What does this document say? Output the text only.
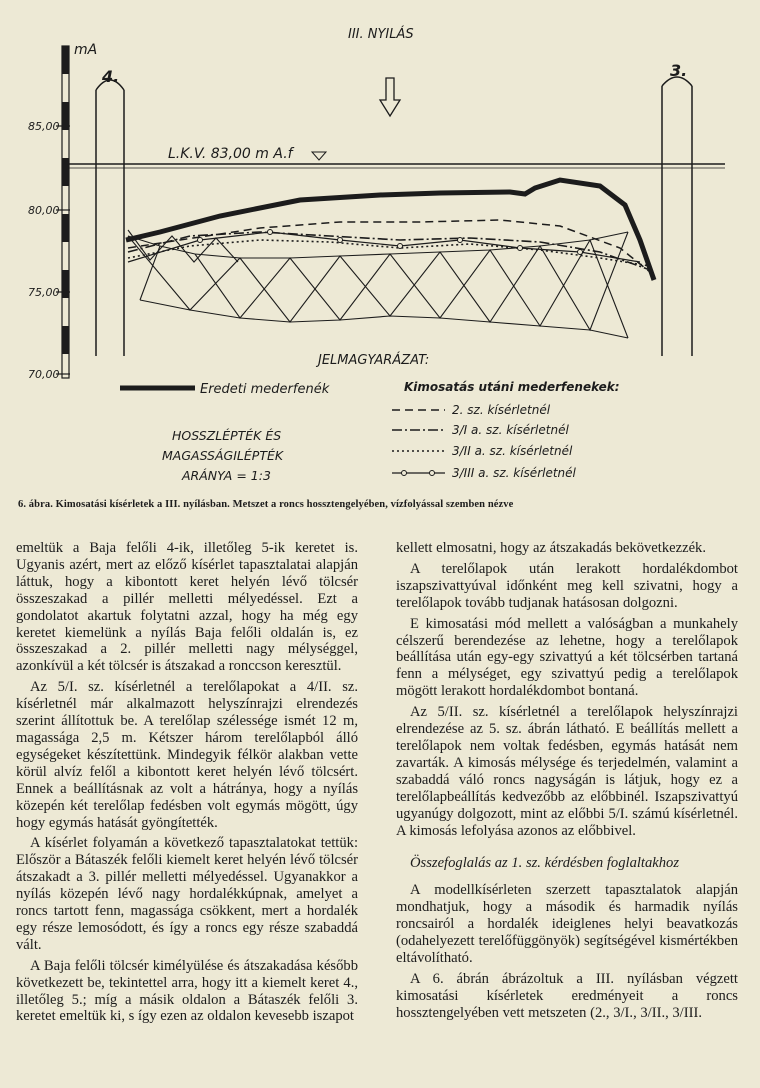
mA
85,00
80,00
75,00
70,00
III. NYILÁS
4.	3.
L.K.V. 83,00 m A.f
JELMAGYARÁZAT:
Eredeti mederfenék	Kimosatás utáni mederfenekek:
2. sz. kísérletnél
3/I a. sz. kísérletnél
3/II a. sz. kísérletnél
3/III a. sz. kísérletnél
HOSSZLÉPTÉK ÉS
MAGASSÁGILÉPTÉK
ARÁNYA = 1:3
6. ábra. Kimosatási kísérletek a III. nyílásban. Metszet a roncs hossztengelyében, vízfolyással szemben nézve

emeltük a Baja felőli 4-ik, illetőleg 5-ik keretet is. Ugyanis azért, mert az előző kísérlet tapasztalatai alapján láttuk, hogy a kibontott keret helyén lévő tölcsér összeszakad a pillér melletti mélyedéssel. Ezt a gondolatot akartuk folytatni azzal, hogy ha még egy keretet kiemelünk a nyílás Baja felőli oldalán is, ez összeszakad a 2. pillér melletti nagy mélységgel, azonkívül a két tölcsér is átszakad a ronccson keresztül.

Az 5/I. sz. kísérletnél a terelőlapokat a 4/II. sz. kísérletnél már alkalmazott helyszínrajzi elrendezés szerint állítottuk be. A terelőlap szélessége ismét 12 m, magassága 2,5 m. Kétszer három terelőlapból álló egységeket készítettünk. Mindegyik félkör alakban vette körül alvíz felől a kibontott keret helyén lévő tölcsért. Ennek a beállításnak az volt a hátránya, hogy a nyílás közepén két terelőlap fedésben volt egymás mögött, úgy hogy egymás hatását gyöngítették.

A kísérlet folyamán a következő tapasztalatokat tettük: Először a Bátaszék felőli kiemelt keret helyén lévő tölcsér átszakadt a 3. pillér melletti mélyedéssel. Ugyanakkor a nyílás közepén lévő nagy hordalékkúpnak, amelyet a roncs tartott fenn, magassága csökkent, mert a hordalék egy része lemosódott, és így a roncs egy része szabaddá vált.

A Baja felőli tölcsér kimélyülése és átszakadása később következett be, tekintettel arra, hogy itt a kiemelt keret 4., illetőleg 5.; míg a másik oldalon a Bátaszék felőli 3. keretet emeltük ki, s így ezen az oldalon kevesebb iszapot

kellett elmosatni, hogy az átszakadás bekövetkezzék.

A terelőlapok után lerakott hordalékdombot iszapszivattyúval időnként meg kell szivatni, hogy a terelőlapok tovább tudjanak hatásosan dolgozni.

E kimosatási mód mellett a valóságban a munkahely célszerű berendezése az lehetne, hogy a terelőlapok beállítása után egy-egy szivattyú a két tölcsérben tartaná fenn a mélységet, egy szivattyú pedig a terelőlapok mögött lerakott hordalékdombot bontaná.

Az 5/II. sz. kísérletnél a terelőlapok helyszínrajzi elrendezése az 5. sz. ábrán látható. E beállítás mellett a terelőlapok nem voltak fedésben, egymás hatását nem zavarták. A kimosás mélysége és terjedelmén, valamint a szabaddá váló roncs nagyságán is látjuk, hogy ez a terelőlapbeállítás kedvezőbb az előbbinél. Iszapszivattyú ugyanúgy dolgozott, mint az előbbi 5/I. számú kísérletnél. A kimosás lefolyása azonos az előbbivel.

Összefoglalás az 1. sz. kérdésben foglaltakhoz

A modellkísérleten szerzett tapasztalatok alapján mondhatjuk, hogy a második és harmadik nyílás roncsairól a hordalék ideiglenes helyi beavatkozás (odahelyezett terelőfüggönyök) segítségével kismértékben eltávolítható.

A 6. ábrán ábrázoltuk a III. nyílásban végzett kimosatási kísérletek eredményeit a roncs hossztengelyében vett metszeten (2., 3/I., 3/II., 3/III.
